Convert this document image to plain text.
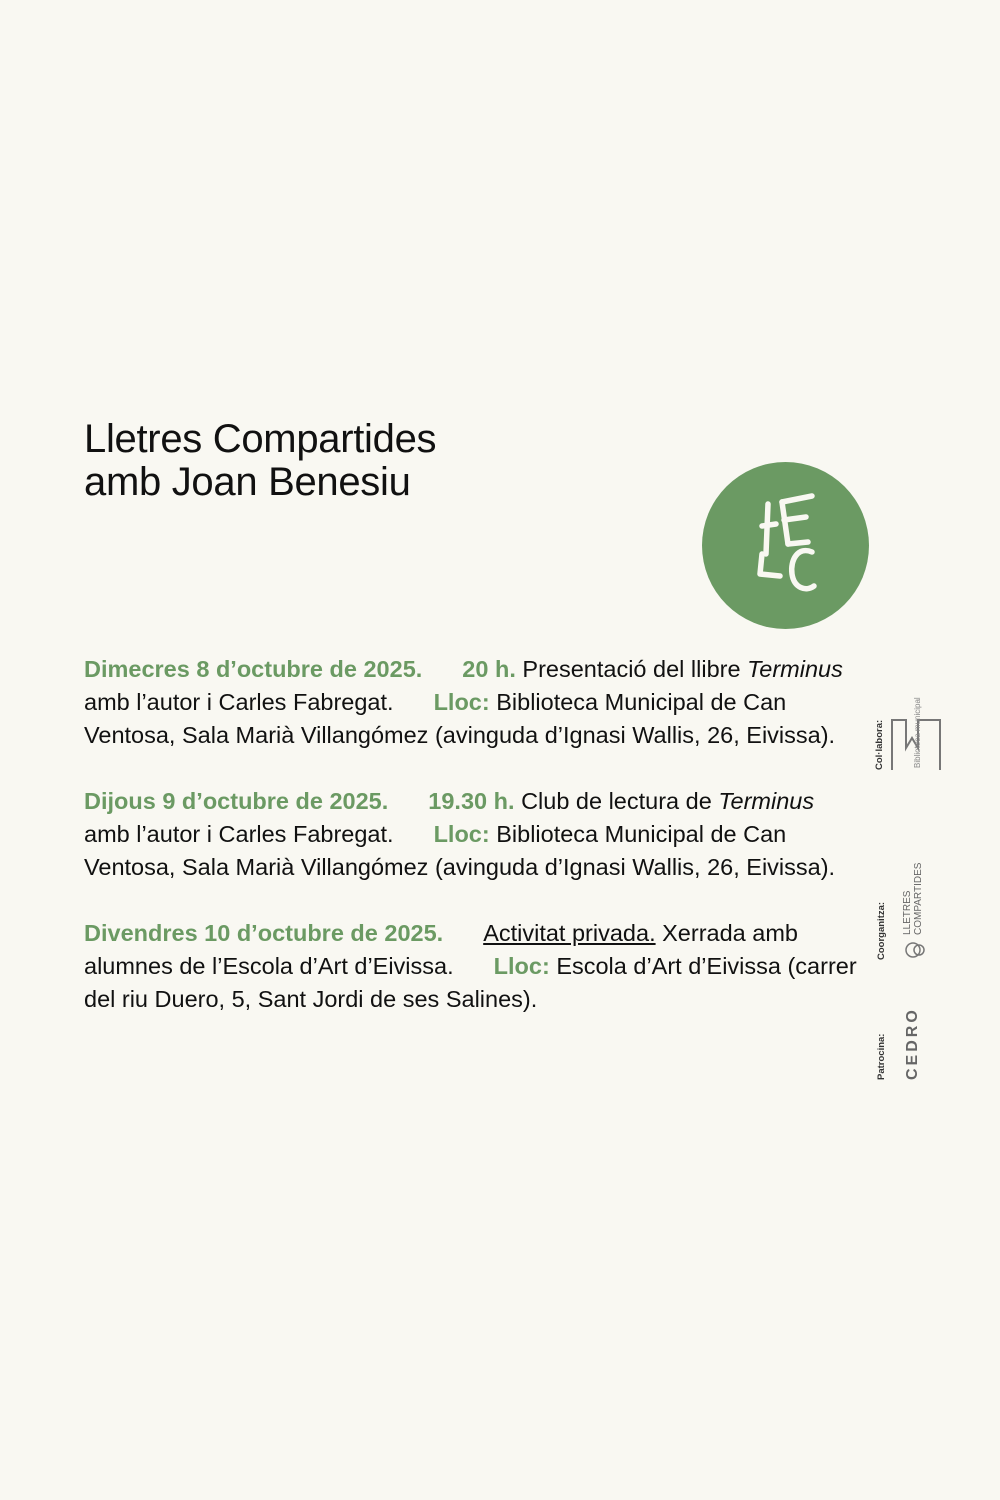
Lletres Compartides
amb Joan Benesiu

Dimecres 8 d’octubre de 2025. 20 h. Presentació del llibre Terminus amb l’autor i Carles Fabregat. Lloc: Biblioteca Municipal de Can Ventosa, Sala Marià Villangómez (avinguda d’Ignasi Wallis, 26, Eivissa).

Dijous 9 d’octubre de 2025. 19.30 h. Club de lectura de Terminus amb l’autor i Carles Fabregat. Lloc: Biblioteca Municipal de Can Ventosa, Sala Marià Villangómez (avinguda d’Ignasi Wallis, 26, Eivissa).

Divendres 10 d’octubre de 2025. Activitat privada. Xerrada amb alumnes de l’Escola d’Art d’Eivissa. Lloc: Escola d’Art d’Eivissa (carrer del riu Duero, 5, Sant Jordi de ses Salines).

Col·labora:	Biblioteca municipal
Coorganitza: LLETRES COMPARTIDES
Patrocina: CEDRO
